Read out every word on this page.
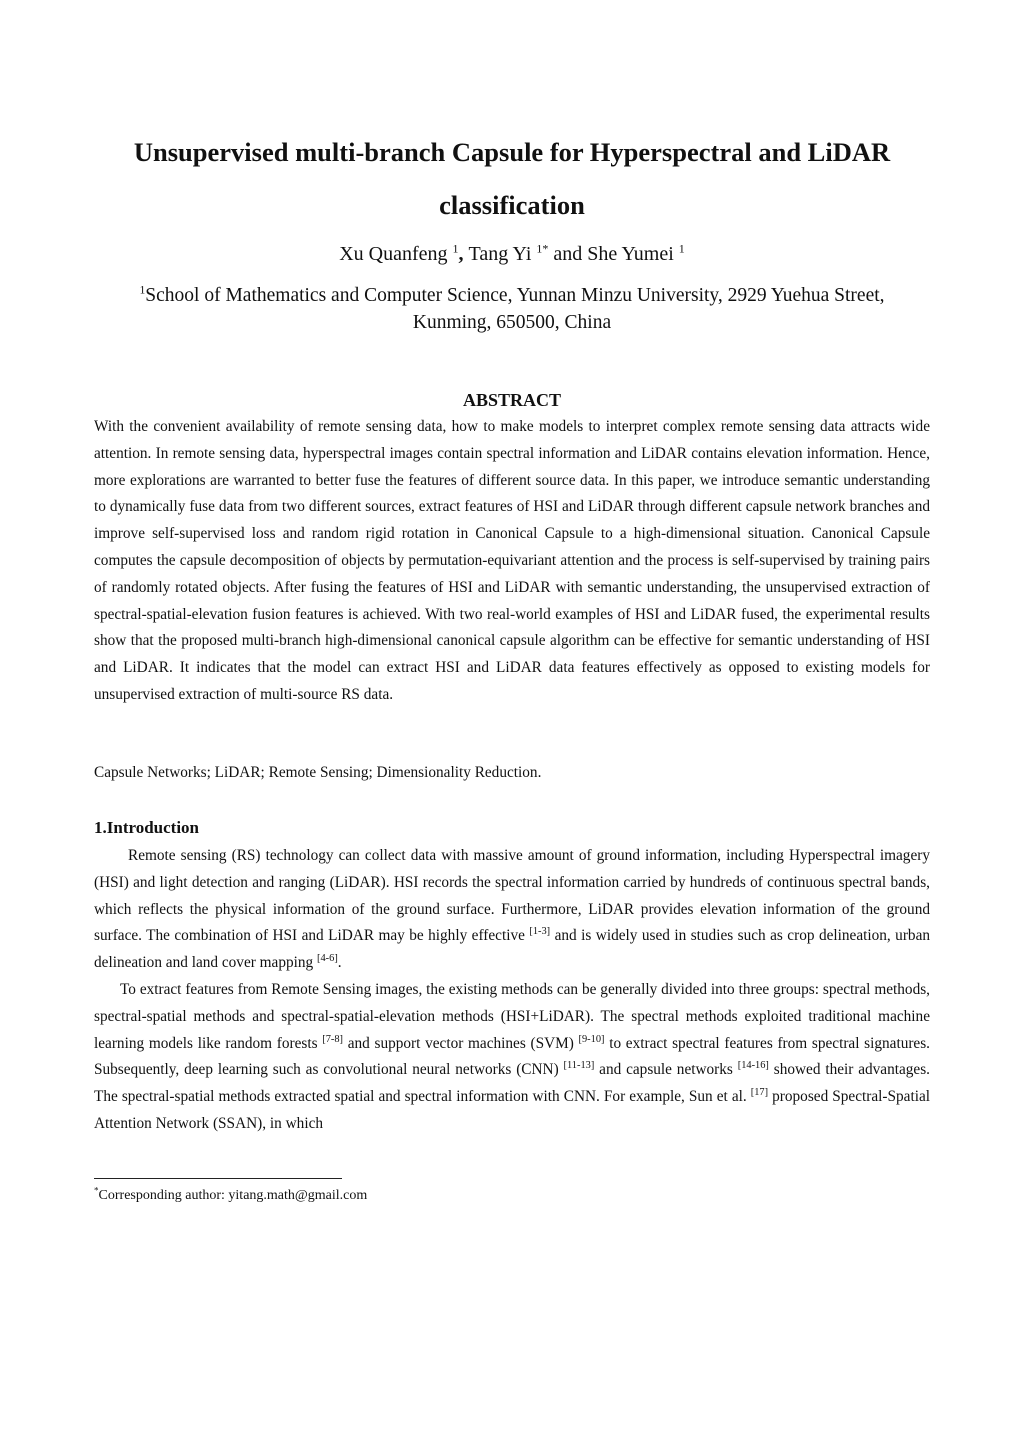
Unsupervised multi-branch Capsule for Hyperspectral and LiDAR
classification
Xu Quanfeng $^1$, Tang Yi $^{1*}$ and She Yumei $^1$
$^1$School of Mathematics and Computer Science, Yunnan Minzu University, 2929 Yuehua Street,
Kunming, 650500, China
ABSTRACT
With the convenient availability of remote sensing data, how to make models to interpret complex remote sensing data attracts wide attention. In remote sensing data, hyperspectral images contain spectral information and LiDAR contains elevation information. Hence, more explorations are warranted to better fuse the features of different source data. In this paper, we introduce semantic understanding to dynamically fuse data from two different sources, extract features of HSI and LiDAR through different capsule network branches and improve self-supervised loss and random rigid rotation in Canonical Capsule to a high-dimensional situation. Canonical Capsule computes the capsule decomposition of objects by permutation-equivariant attention and the process is self-supervised by training pairs of randomly rotated objects. After fusing the features of HSI and LiDAR with semantic understanding, the unsupervised extraction of spectral-spatial-elevation fusion features is achieved. With two real-world examples of HSI and LiDAR fused, the experimental results show that the proposed multi-branch high-dimensional canonical capsule algorithm can be effective for semantic understanding of HSI and LiDAR. It indicates that the model can extract HSI and LiDAR data features effectively as opposed to existing models for unsupervised extraction of multi-source RS data.
Capsule Networks; LiDAR; Remote Sensing; Dimensionality Reduction.
1.Introduction

Remote sensing (RS) technology can collect data with massive amount of ground information, including Hyperspectral imagery (HSI) and light detection and ranging (LiDAR). HSI records the spectral information carried by hundreds of continuous spectral bands, which reflects the physical information of the ground surface. Furthermore, LiDAR provides elevation information of the ground surface. The combination of HSI and LiDAR may be highly effective [1-3] and is widely used in studies such as crop delineation, urban delineation and land cover mapping [4-6].

To extract features from Remote Sensing images, the existing methods can be generally divided into three groups: spectral methods, spectral-spatial methods and spectral-spatial-elevation methods (HSI+LiDAR). The spectral methods exploited traditional machine learning models like random forests [7-8] and support vector machines (SVM) [9-10] to extract spectral features from spectral signatures. Subsequently, deep learning such as convolutional neural networks (CNN) [11-13] and capsule networks [14-16] showed their advantages. The spectral-spatial methods extracted spatial and spectral information with CNN. For example, Sun et al. [17] proposed Spectral-Spatial Attention Network (SSAN), in which

*Corresponding author: yitang.math@gmail.com
